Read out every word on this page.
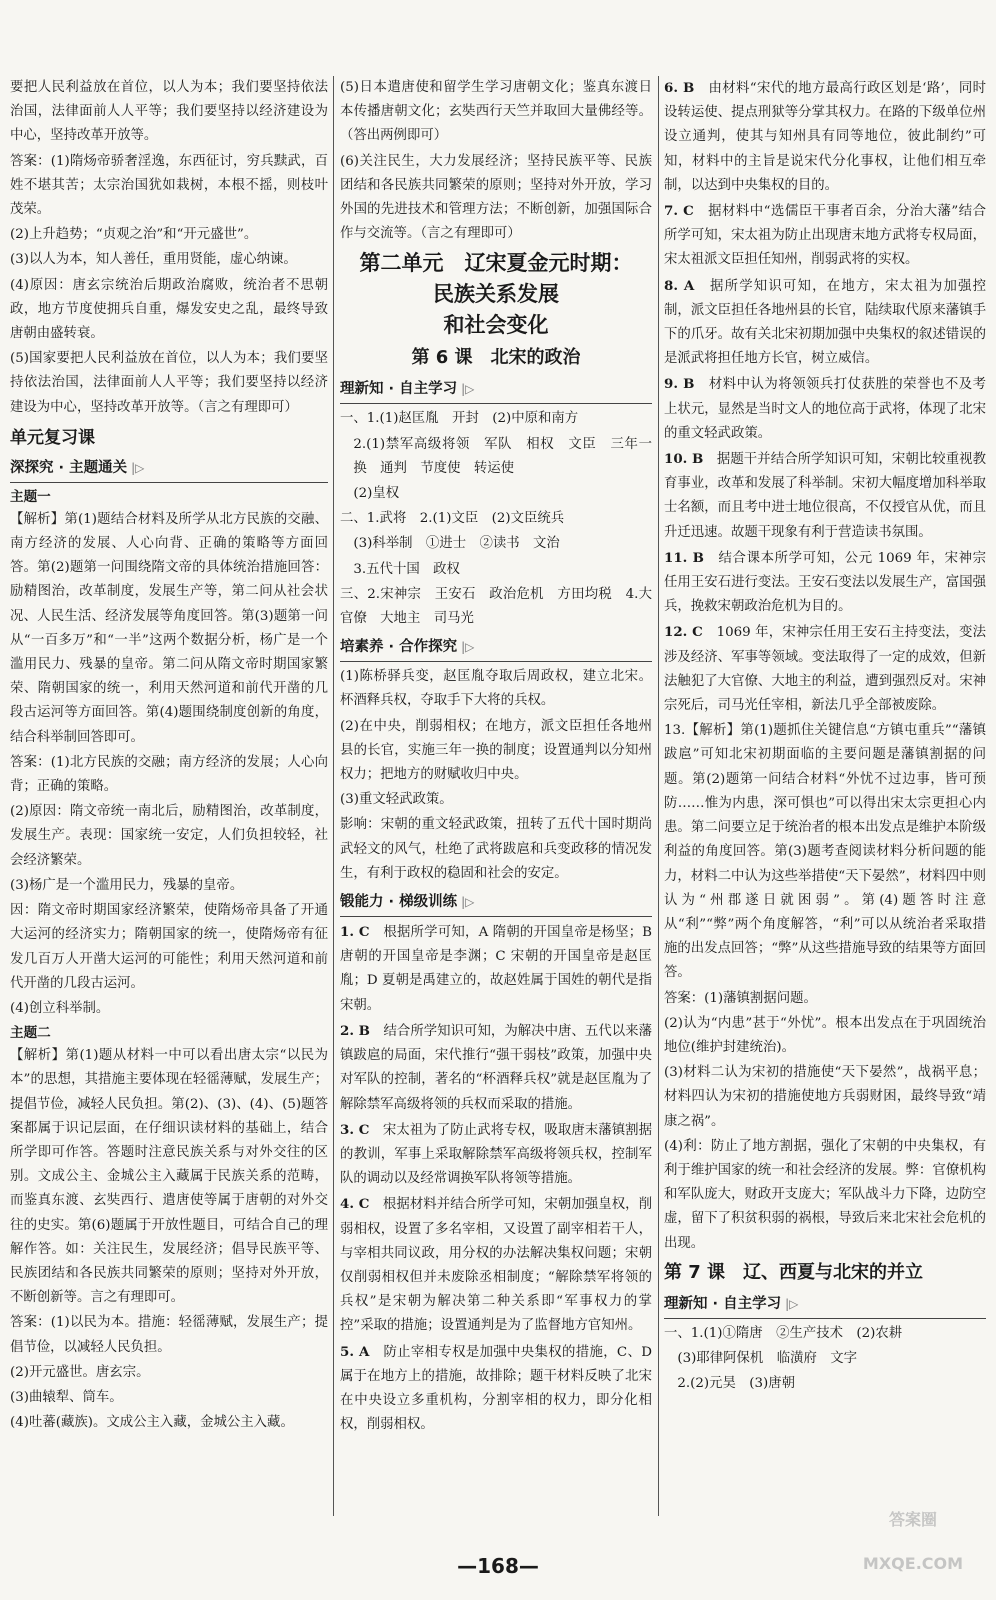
要把人民利益放在首位，以人为本；我们要坚持依法治国，法律面前人人平等；我们要坚持以经济建设为中心，坚持改革开放等。

答案：(1)隋炀帝骄奢淫逸，东西征讨，穷兵黩武，百姓不堪其苦；太宗治国犹如栽树，本根不摇，则枝叶茂荣。

(2)上升趋势；“贞观之治”和“开元盛世”。

(3)以人为本，知人善任，重用贤能，虚心纳谏。

(4)原因：唐玄宗统治后期政治腐败，统治者不思朝政，地方节度使拥兵自重，爆发安史之乱，最终导致唐朝由盛转衰。

(5)国家要把人民利益放在首位，以人为本；我们要坚持依法治国，法律面前人人平等；我们要坚持以经济建设为中心，坚持改革开放等。（言之有理即可）

单元复习课
深探究 · 主题通关 |▷
主题一

【解析】第(1)题结合材料及所学从北方民族的交融、南方经济的发展、人心向背、正确的策略等方面回答。第(2)题第一问围绕隋文帝的具体统治措施回答：励精图治，改革制度，发展生产等，第二问从社会状况、人民生活、经济发展等角度回答。第(3)题第一问从“一百多万”和“一半”这两个数据分析，杨广是一个滥用民力、残暴的皇帝。第二问从隋文帝时期国家繁荣、隋朝国家的统一，利用天然河道和前代开凿的几段古运河等方面回答。第(4)题围绕制度创新的角度，结合科举制回答即可。

答案：(1)北方民族的交融；南方经济的发展；人心向背；正确的策略。

(2)原因：隋文帝统一南北后，励精图治，改革制度，发展生产。表现：国家统一安定，人们负担较轻，社会经济繁荣。

(3)杨广是一个滥用民力，残暴的皇帝。

因：隋文帝时期国家经济繁荣，使隋炀帝具备了开通大运河的经济实力；隋朝国家的统一，使隋炀帝有征发几百万人开凿大运河的可能性；利用天然河道和前代开凿的几段古运河。

(4)创立科举制。

主题二

【解析】第(1)题从材料一中可以看出唐太宗“以民为本”的思想，其措施主要体现在轻徭薄赋，发展生产；提倡节俭，减轻人民负担。第(2)、(3)、(4)、(5)题答案都属于识记层面，在仔细识读材料的基础上，结合所学即可作答。答题时注意民族关系与对外交往的区别。文成公主、金城公主入藏属于民族关系的范畴，而鉴真东渡、玄奘西行、遣唐使等属于唐朝的对外交往的史实。第(6)题属于开放性题目，可结合自己的理解作答。如：关注民生，发展经济；倡导民族平等、民族团结和各民族共同繁荣的原则；坚持对外开放，不断创新等。言之有理即可。

答案：(1)以民为本。措施：轻徭薄赋，发展生产；提倡节俭，以减轻人民负担。

(2)开元盛世。唐玄宗。

(3)曲辕犁、筒车。

(4)吐蕃(藏族)。文成公主入藏，金城公主入藏。

(5)日本遣唐使和留学生学习唐朝文化；鉴真东渡日本传播唐朝文化；玄奘西行天竺并取回大量佛经等。（答出两例即可）

(6)关注民生，大力发展经济；坚持民族平等、民族团结和各民族共同繁荣的原则；坚持对外开放，学习外国的先进技术和管理方法；不断创新，加强国际合作与交流等。（言之有理即可）

第二单元　辽宋夏金元时期：
民族关系发展
和社会变化
第 6 课　北宋的政治
理新知 · 自主学习 |▷

一、1.(1)赵匡胤　开封　(2)中原和南方

2.(1)禁军高级将领　军队　相权　文臣　三年一换　通判　节度使　转运使

(2)皇权

二、1.武将　2.(1)文臣　(2)文臣统兵

(3)科举制　①进士　②读书　文治

3.五代十国　政权

三、2.宋神宗　王安石　政治危机　方田均税　4.大官僚　大地主　司马光

培素养 · 合作探究 |▷

(1)陈桥驿兵变，赵匡胤夺取后周政权，建立北宋。杯酒释兵权，夺取手下大将的兵权。

(2)在中央，削弱相权；在地方，派文臣担任各地州县的长官，实施三年一换的制度；设置通判以分知州权力；把地方的财赋收归中央。

(3)重文轻武政策。

影响：宋朝的重文轻武政策，扭转了五代十国时期尚武轻文的风气，杜绝了武将跋扈和兵变政移的情况发生，有利于政权的稳固和社会的安定。

锻能力 · 梯级训练 |▷

1. C　 根据所学可知，A 隋朝的开国皇帝是杨坚；B 唐朝的开国皇帝是李渊；C 宋朝的开国皇帝是赵匡胤；D 夏朝是禹建立的，故赵姓属于国姓的朝代是指宋朝。

2. B　 结合所学知识可知，为解决中唐、五代以来藩镇跋扈的局面，宋代推行“强干弱枝”政策，加强中央对军队的控制，著名的“杯酒释兵权”就是赵匡胤为了解除禁军高级将领的兵权而采取的措施。

3. C　 宋太祖为了防止武将专权，吸取唐末藩镇割据的教训，军事上采取解除禁军高级将领兵权，控制军队的调动以及经常调换军队将领等措施。

4. C　 根据材料并结合所学可知，宋朝加强皇权，削弱相权，设置了多名宰相，又设置了副宰相若干人，与宰相共同议政，用分权的办法解决集权问题；宋朝仅削弱相权但并未废除丞相制度；“解除禁军将领的兵权”是宋朝为解决第二种关系即“军事权力的掌控”采取的措施；设置通判是为了监督地方官知州。

5. A　 防止宰相专权是加强中央集权的措施，C、D属于在地方上的措施，故排除；题干材料反映了北宋在中央设立多重机构，分割宰相的权力，即分化相权，削弱相权。

6. B　 由材料“宋代的地方最高行政区划是‘路’，同时设转运使、提点刑狱等分掌其权力。在路的下级单位州设立通判，使其与知州具有同等地位，彼此制约”可知，材料中的主旨是说宋代分化事权，让他们相互牵制，以达到中央集权的目的。

7. C　 据材料中“选儒臣干事者百余，分治大藩”结合所学可知，宋太祖为防止出现唐末地方武将专权局面，宋太祖派文臣担任知州，削弱武将的实权。

8. A　 据所学知识可知，在地方，宋太祖为加强控制，派文臣担任各地州县的长官，陆续取代原来藩镇手下的爪牙。故有关北宋初期加强中央集权的叙述错误的是派武将担任地方长官，树立威信。

9. B　 材料中认为将领领兵打仗获胜的荣誉也不及考上状元，显然是当时文人的地位高于武将，体现了北宋的重文轻武政策。

10. B　 据题干并结合所学知识可知，宋朝比较重视教育事业，改革和发展了科举制。宋初大幅度增加科举取士名额，而且考中进士地位很高，不仅授官从优，而且升迁迅速。故题干现象有利于营造读书氛围。

11. B　 结合课本所学可知，公元 1069 年，宋神宗任用王安石进行变法。王安石变法以发展生产，富国强兵，挽救宋朝政治危机为目的。

12. C　 1069 年，宋神宗任用王安石主持变法，变法涉及经济、军事等领域。变法取得了一定的成效，但新法触犯了大官僚、大地主的利益，遭到强烈反对。宋神宗死后，司马光任宰相，新法几乎全部被废除。

13.【解析】第(1)题抓住关键信息“方镇屯重兵”“藩镇跋扈”可知北宋初期面临的主要问题是藩镇割据的问题。第(2)题第一问结合材料“外忧不过边事，皆可预防……惟为内患，深可惧也”可以得出宋太宗更担心内患。第二问要立足于统治者的根本出发点是维护本阶级利益的角度回答。第(3)题考查阅读材料分析问题的能力，材料二中认为这些举措使“天下晏然”，材料四中则认为“州郡遂日就困弱”。第(4)题答时注意从“利”“弊”两个角度解答，“利”可以从统治者采取措施的出发点回答；“弊”从这些措施导致的结果等方面回答。

答案：(1)藩镇割据问题。

(2)认为“内患”甚于“外忧”。根本出发点在于巩固统治地位(维护封建统治)。

(3)材料二认为宋初的措施使“天下晏然”，战祸平息；材料四认为宋初的措施使地方兵弱财困，最终导致“靖康之祸”。

(4)利：防止了地方割据，强化了宋朝的中央集权，有利于维护国家的统一和社会经济的发展。弊：官僚机构和军队庞大，财政开支庞大；军队战斗力下降，边防空虚，留下了积贫积弱的祸根，导致后来北宋社会危机的出现。

第 7 课　辽、西夏与北宋的并立
理新知 · 自主学习 |▷

一、1.(1)①隋唐　②生产技术　(2)农耕

(3)耶律阿保机　临潢府　文字

2.(2)元昊　(3)唐朝

答案圈 MXQE.COM
—168—
